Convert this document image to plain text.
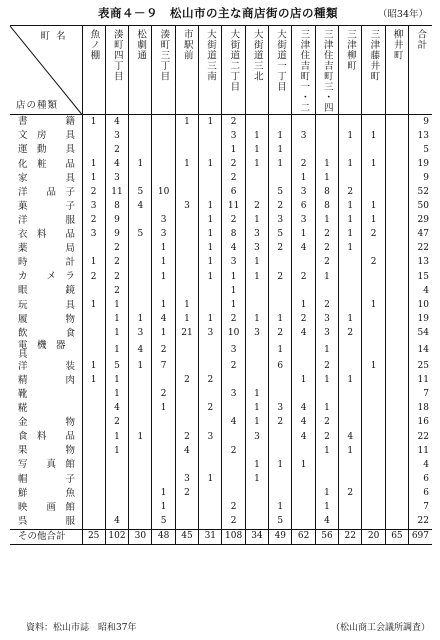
表商４－９　松山市の主な商店街の店の種類	（昭34年）
町名
店の種類	魚ノ棚	湊町四丁目	松劇通	湊町三丁目	市駅前	大街道三南	大街道二丁目	大街道三北	大街道一丁目	三津住吉町一・二	三津住吉町三・四	三津柳町	三津藤井町	柳井町	合計

書　　　　籍	1	4			1	1	2								9
文　房　　具		3					3	1	1	3		1	1		13
運　動　　具		2					1	1	1						5
化　粧　　品	1	4	1		1	1	2	1	1	2	1	1	1		19
家　　　　具	1	3					2			1	1				9
洋　　品　子	2	11	5	10			6		5	3	8	2			52
菓　　　　子	3	8	4		3	1	11	2	2	6	8	1	1		50
洋　　　　服	2	9		3		1	2	1	3	3	1	1	1		29
衣　料　　品	3	9	5	3		1	8	3	5	1	2	1	2		47
薬　　　　局		2		1		1	4	3	2	4	2	1			22
時　　　　計	1	2		1		1	3	1			2		2		13
カ　　メ　ラ	2	2		1		1	1	1	2	2	1				15
眼　　　　鏡		2					1								4
玩　　　　具	1	1		1	1		1			1	2		1		10
履　　　　物		1	1	4	1	1	2	1	1	2	3	1			19
飲　　　　食		1	3	1	21	3	10	3	2	4	3	2			54
電　機　器　具		1	4	2			3		1		1				14
洋　　　　装	1	5	1	7			2		6		2		1		25
精　　　　肉	1	1			2	2				1	1	1			11
靴		1		2			3	1							7
糀		4		1		2		1	3	4	1				18
金　　　　物		2					4	1	2	4	2				16
食　料　　品		1	1		2	3		3		4	2	4			22
果　　　　物		1			4		2				1	1			11
写　　真　館								1	1	1					4
帽　　　　子					3	1		1							6
鮮　　　　魚				1	2						1	2			6
映　　画　館				1			2		1		1				7
呉　　　　服		4		5			2		5		4				22
その他合計	25	102	30	48	45	31	108	34	49	62	56	22	20	65	697
資料：松山市誌　昭和37年	（松山商工会議所調査）
